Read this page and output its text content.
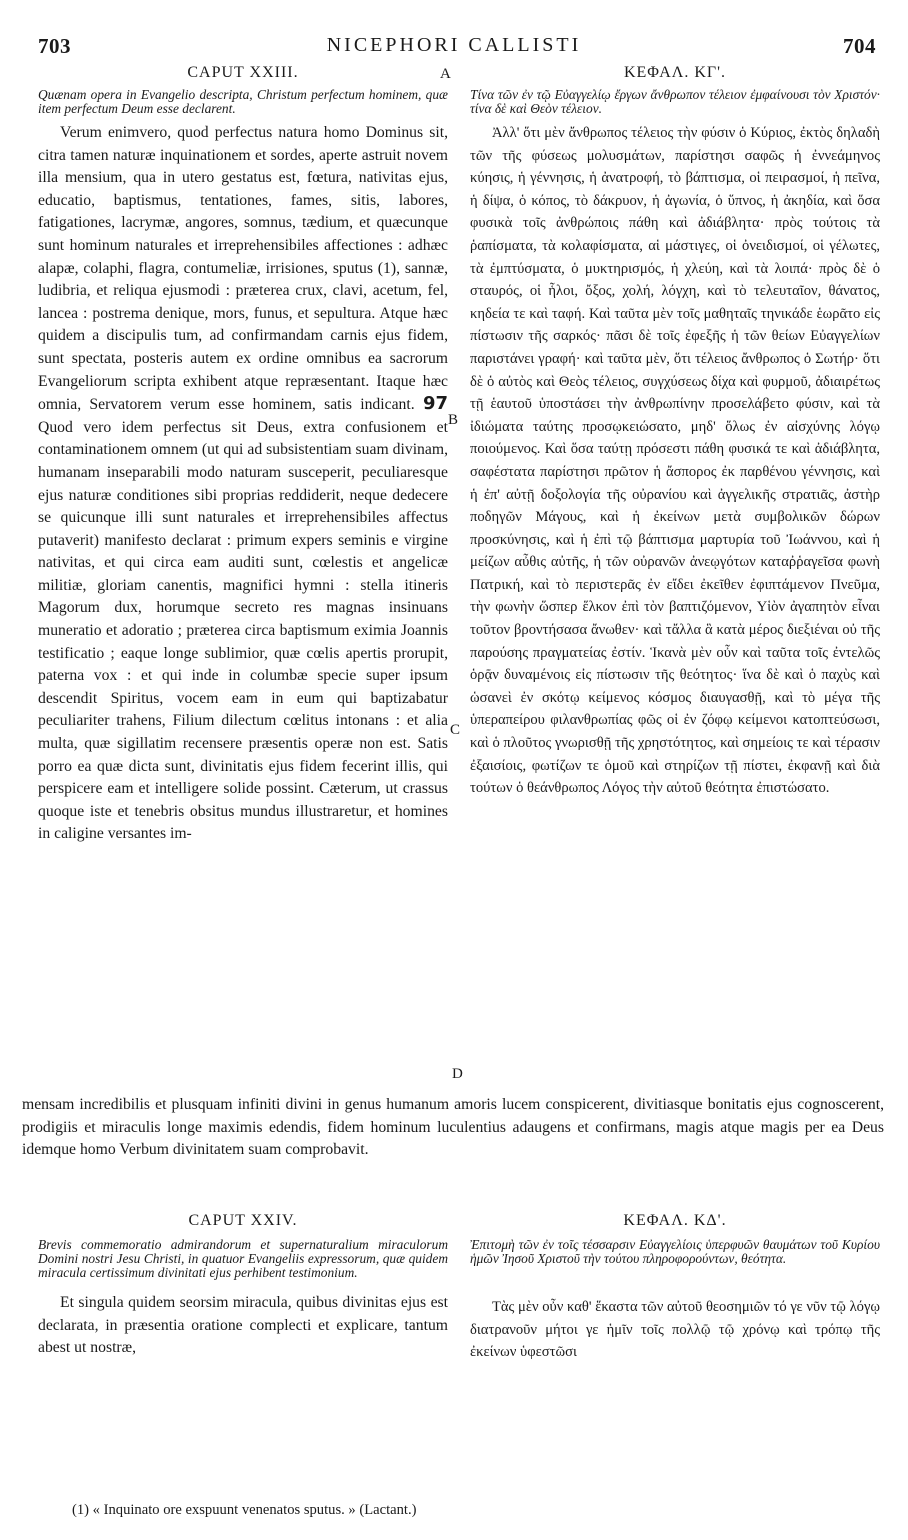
NICEPHORI CALLISTI
703	704
A
B
C
D
CAPUT XXIII.
Quænam opera in Evangelio descripta, Christum perfectum hominem, quæ item perfectum Deum esse declarent.
Verum enimvero, quod perfectus natura homo Dominus sit, citra tamen naturæ inquinationem et sordes, aperte astruit novem illa mensium, qua in utero gestatus est, fœtura, nativitas ejus, educatio, baptismus, tentationes, fames, sitis, labores, fatigationes, lacrymæ, angores, somnus, tædium, et quæcunque sunt hominum naturales et irreprehensibiles affectiones : adhæc alapæ, colaphi, flagra, contumeliæ, irrisiones, sputus (1), sannæ, ludibria, et reliqua ejusmodi : præterea crux, clavi, acetum, fel, lancea : postrema denique, mors, funus, et sepultura. Atque hæc quidem a discipulis tum, ad confirmandam carnis ejus fidem, sunt spectata, posteris autem ex ordine omnibus ea sacrorum Evangeliorum scripta exhibent atque repræsentant. Itaque hæc omnia, Servatorem verum esse hominem, satis indicant. 97 Quod vero idem perfectus sit Deus, extra confusionem et contaminationem omnem (ut qui ad subsistentiam suam divinam, humanam inseparabili modo naturam susceperit, peculiaresque ejus naturæ conditiones sibi proprias reddiderit, neque dedecere se quicunque illi sunt naturales et irreprehensibiles affectus putaverit) manifesto declarat : primum expers seminis e virgine nativitas, et qui circa eam auditi sunt, cœlestis et angelicæ militiæ, gloriam canentis, magnifici hymni : stella itineris Magorum dux, horumque secreto res magnas insinuans muneratio et adoratio ; præterea circa baptismum eximia Joannis testificatio ; eaque longe sublimior, quæ cœlis apertis prorupit, paterna vox : et qui inde in columbæ specie super ipsum descendit Spiritus, vocem eam in eum qui baptizabatur peculiariter trahens, Filium dilectum cœlitus intonans : et alia multa, quæ sigillatim recensere præsentis operæ non est. Satis porro ea quæ dicta sunt, divinitatis ejus fidem fecerint illis, qui perspicere eam et intelligere solide possint. Cæterum, ut crassus quoque iste et tenebris obsitus mundus illustraretur, et homines in caligine versantes im-
ΚΕΦΑΛ. ΚΓ'.
Τίνα τῶν ἐν τῷ Εὐαγγελίῳ ἔργων ἄνθρωπον τέλειον ἐμφαίνουσι τὸν Χριστόν· τίνα δὲ καὶ Θεὸν τέλειον.
Ἀλλ' ὅτι μὲν ἄνθρωπος τέλειος τὴν φύσιν ὁ Κύριος, ἐκτὸς δηλαδὴ τῶν τῆς φύσεως μολυσμάτων, παρίστησι σαφῶς ἡ ἐννεάμηνος κύησις, ἡ γέννησις, ἡ ἀνατροφή, τὸ βάπτισμα, οἱ πειρασμοί, ἡ πεῖνα, ἡ δίψα, ὁ κόπος, τὸ δάκρυον, ἡ ἀγωνία, ὁ ὕπνος, ἡ ἀκηδία, καὶ ὅσα φυσικὰ τοῖς ἀνθρώποις πάθη καὶ ἀδιάβλητα· πρὸς τούτοις τὰ ῥαπίσματα, τὰ κολαφίσματα, αἱ μάστιγες, οἱ ὀνειδισμοί, οἱ γέλωτες, τὰ ἐμπτύσματα, ὁ μυκτηρισμός, ἡ χλεύη, καὶ τὰ λοιπά· πρὸς δὲ ὁ σταυρός, οἱ ἧλοι, ὄξος, χολή, λόγχη, καὶ τὸ τελευταῖον, θάνατος, κηδεία τε καὶ ταφή. Καὶ ταῦτα μὲν τοῖς μαθηταῖς τηνικάδε ἑωρᾶτο εἰς πίστωσιν τῆς σαρκός· πᾶσι δὲ τοῖς ἐφεξῆς ἡ τῶν θείων Εὐαγγελίων παριστάνει γραφή· καὶ ταῦτα μὲν, ὅτι τέλειος ἄνθρωπος ὁ Σωτήρ· ὅτι δὲ ὁ αὐτὸς καὶ Θεὸς τέλειος, συγχύσεως δίχα καὶ φυρμοῦ, ἀδιαιρέτως τῇ ἑαυτοῦ ὑποστάσει τὴν ἀνθρωπίνην προσελάβετο φύσιν, καὶ τὰ ἰδιώματα ταύτης προσῳκειώσατο, μηδ' ὅλως ἐν αἰσχύνης λόγῳ ποιούμενος. Καὶ ὅσα ταύτῃ πρόσεστι πάθη φυσικά τε καὶ ἀδιάβλητα, σαφέστατα παρίστησι πρῶτον ἡ ἄσπορος ἐκ παρθένου γέννησις, καὶ ἡ ἐπ' αὐτῇ δοξολογία τῆς οὐρανίου καὶ ἀγγελικῆς στρατιᾶς, ἀστὴρ ποδηγῶν Μάγους, καὶ ἡ ἐκείνων μετὰ συμβολικῶν δώρων προσκύνησις, καὶ ἡ ἐπὶ τῷ βάπτισμα μαρτυρία τοῦ Ἰωάννου, καὶ ἡ μείζων αὖθις αὐτῆς, ἡ τῶν οὐρανῶν ἀνεῳγότων καταῤῥαγεῖσα φωνὴ Πατρική, καὶ τὸ περιστερᾶς ἐν εἴδει ἐκεῖθεν ἐφιπτάμενον Πνεῦμα, τὴν φωνὴν ὥσπερ ἕλκον ἐπὶ τὸν βαπτιζόμενον, Υἱὸν ἀγαπητὸν εἶναι τοῦτον βροντήσασα ἄνωθεν· καὶ τἄλλα ἃ κατὰ μέρος διεξιέναι οὐ τῆς παρούσης πραγματείας ἐστίν. Ἱκανὰ μὲν οὖν καὶ ταῦτα τοῖς ἐντελῶς ὁρᾷν δυναμένοις εἰς πίστωσιν τῆς θεότητος· ἵνα δὲ καὶ ὁ παχὺς καὶ ὡσανεὶ ἐν σκότῳ κείμενος κόσμος διαυγασθῇ, καὶ τὸ μέγα τῆς ὑπεραπείρου φιλανθρωπίας φῶς οἱ ἐν ζόφῳ κείμενοι κατοπτεύσωσι, καὶ ὁ πλοῦτος γνωρισθῇ τῆς χρηστότητος, καὶ σημείοις τε καὶ τέρασιν ἐξαισίοις, φωτίζων τε ὁμοῦ καὶ στηρίζων τῇ πίστει, ἐκφανῇ καὶ διὰ τούτων ὁ θεάνθρωπος Λόγος τὴν αὐτοῦ θεότητα ἐπιστώσατο.
mensam incredibilis et plusquam infiniti divini in genus humanum amoris lucem conspicerent, divitiasque bonitatis ejus cognoscerent, prodigiis et miraculis longe maximis edendis, fidem hominum luculentius adaugens et confirmans, magis atque magis per ea Deus idemque homo Verbum divinitatem suam comprobavit.
CAPUT XXIV.
Brevis commemoratio admirandorum et supernaturalium miraculorum Domini nostri Jesu Christi, in quatuor Evangeliis expressorum, quæ quidem miracula certissimum divinitati ejus perhibent testimonium.
Et singula quidem seorsim miracula, quibus divinitas ejus est declarata, in præsentia oratione complecti et explicare, tantum abest ut nostræ,
ΚΕΦΑΛ. ΚΔ'.
Ἐπιτομὴ τῶν ἐν τοῖς τέσσαρσιν Εὐαγγελίοις ὑπερφυῶν θαυμάτων τοῦ Κυρίου ἡμῶν Ἰησοῦ Χριστοῦ τὴν τούτου πληροφορούντων, θεότητα.
Τὰς μὲν οὖν καθ' ἕκαστα τῶν αὐτοῦ θεοσημιῶν τό γε νῦν τῷ λόγῳ διατρανοῦν μήτοι γε ἡμῖν τοῖς πολλῷ τῷ χρόνῳ καὶ τρόπῳ τῆς ἐκείνων ὑφεστῶσι
(1) « Inquinato ore exspuunt venenatos sputus. » (Lactant.)
